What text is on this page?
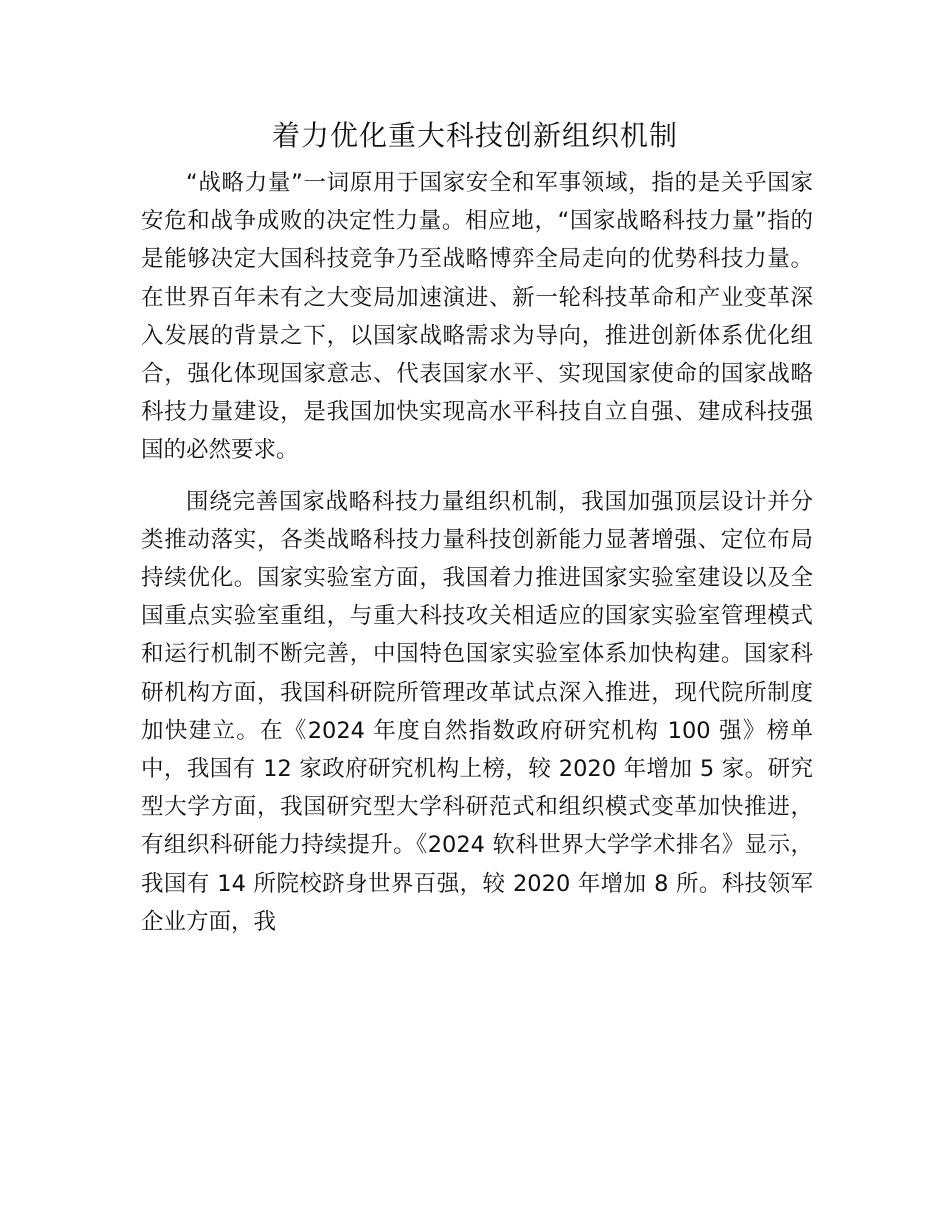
着力优化重大科技创新组织机制

“战略力量”一词原用于国家安全和军事领域，指的是关乎国家安危和战争成败的决定性力量。相应地，“国家战略科技力量”指的是能够决定大国科技竞争乃至战略博弈全局走向的优势科技力量。在世界百年未有之大变局加速演进、新一轮科技革命和产业变革深入发展的背景之下，以国家战略需求为导向，推进创新体系优化组合，强化体现国家意志、代表国家水平、实现国家使命的国家战略科技力量建设，是我国加快实现高水平科技自立自强、建成科技强国的必然要求。

围绕完善国家战略科技力量组织机制，我国加强顶层设计并分类推动落实，各类战略科技力量科技创新能力显著增强、定位布局持续优化。国家实验室方面，我国着力推进国家实验室建设以及全国重点实验室重组，与重大科技攻关相适应的国家实验室管理模式和运行机制不断完善，中国特色国家实验室体系加快构建。国家科研机构方面，我国科研院所管理改革试点深入推进，现代院所制度加快建立。在《2024 年度自然指数政府研究机构 100 强》榜单中，我国有 12 家政府研究机构上榜，较 2020 年增加 5 家。研究型大学方面，我国研究型大学科研范式和组织模式变革加快推进，有组织科研能力持续提升。《2024 软科世界大学学术排名》显示，我国有 14 所院校跻身世界百强，较 2020 年增加 8 所。科技领军企业方面，我
